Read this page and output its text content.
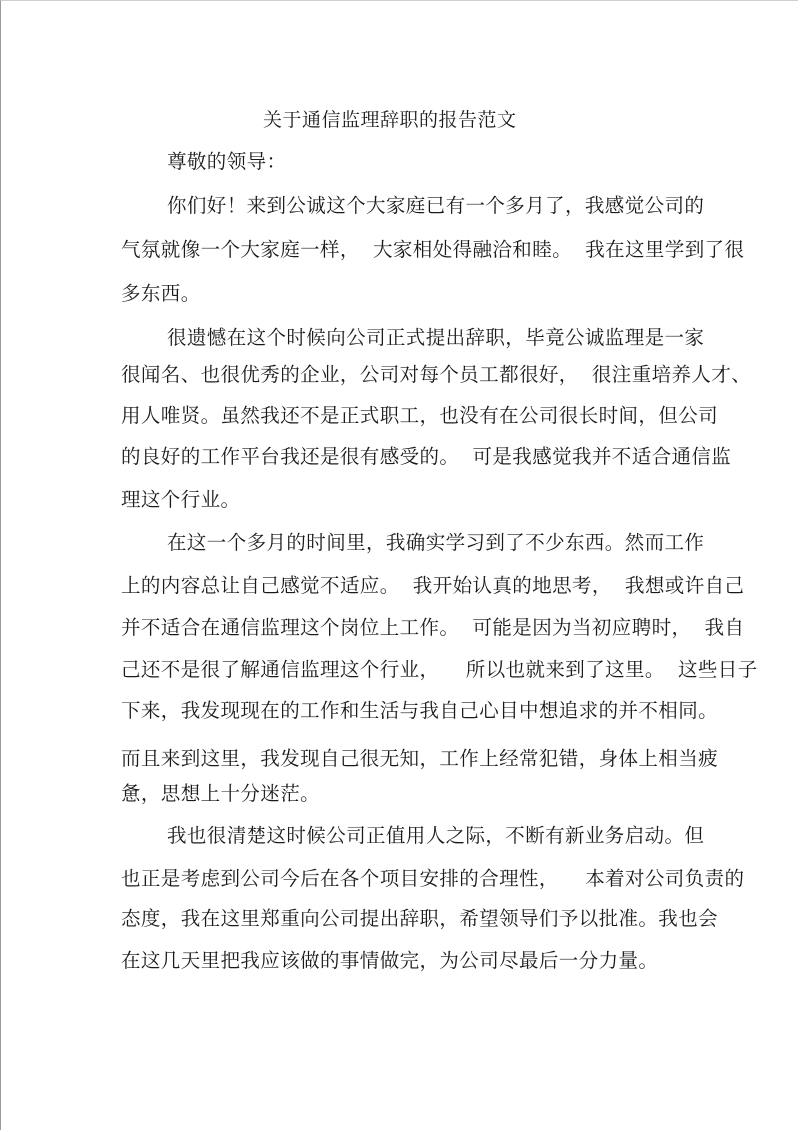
关于通信监理辞职的报告范文
尊敬的领导：
你们好！来到公诚这个大家庭已有一个多月了，我感觉公司的
气氛就像一个大家庭一样，  大家相处得融洽和睦。  我在这里学到了很
多东西。
很遗憾在这个时候向公司正式提出辞职，毕竟公诚监理是一家
很闻名、也很优秀的企业，公司对每个员工都很好，  很注重培养人才、
用人唯贤。虽然我还不是正式职工，也没有在公司很长时间，但公司
的良好的工作平台我还是很有感受的。  可是我感觉我并不适合通信监
理这个行业。
在这一个多月的时间里，我确实学习到了不少东西。然而工作
上的内容总让自己感觉不适应。  我开始认真的地思考，  我想或许自己
并不适合在通信监理这个岗位上工作。  可能是因为当初应聘时，  我自
己还不是很了解通信监理这个行业，    所以也就来到了这里。  这些日子
下来，我发现现在的工作和生活与我自己心目中想追求的并不相同。
而且来到这里，我发现自己很无知，工作上经常犯错，身体上相当疲
惫，思想上十分迷茫。
我也很清楚这时候公司正值用人之际，不断有新业务启动。但
也正是考虑到公司今后在各个项目安排的合理性，    本着对公司负责的
态度，我在这里郑重向公司提出辞职，希望领导们予以批准。我也会
在这几天里把我应该做的事情做完，为公司尽最后一分力量。
